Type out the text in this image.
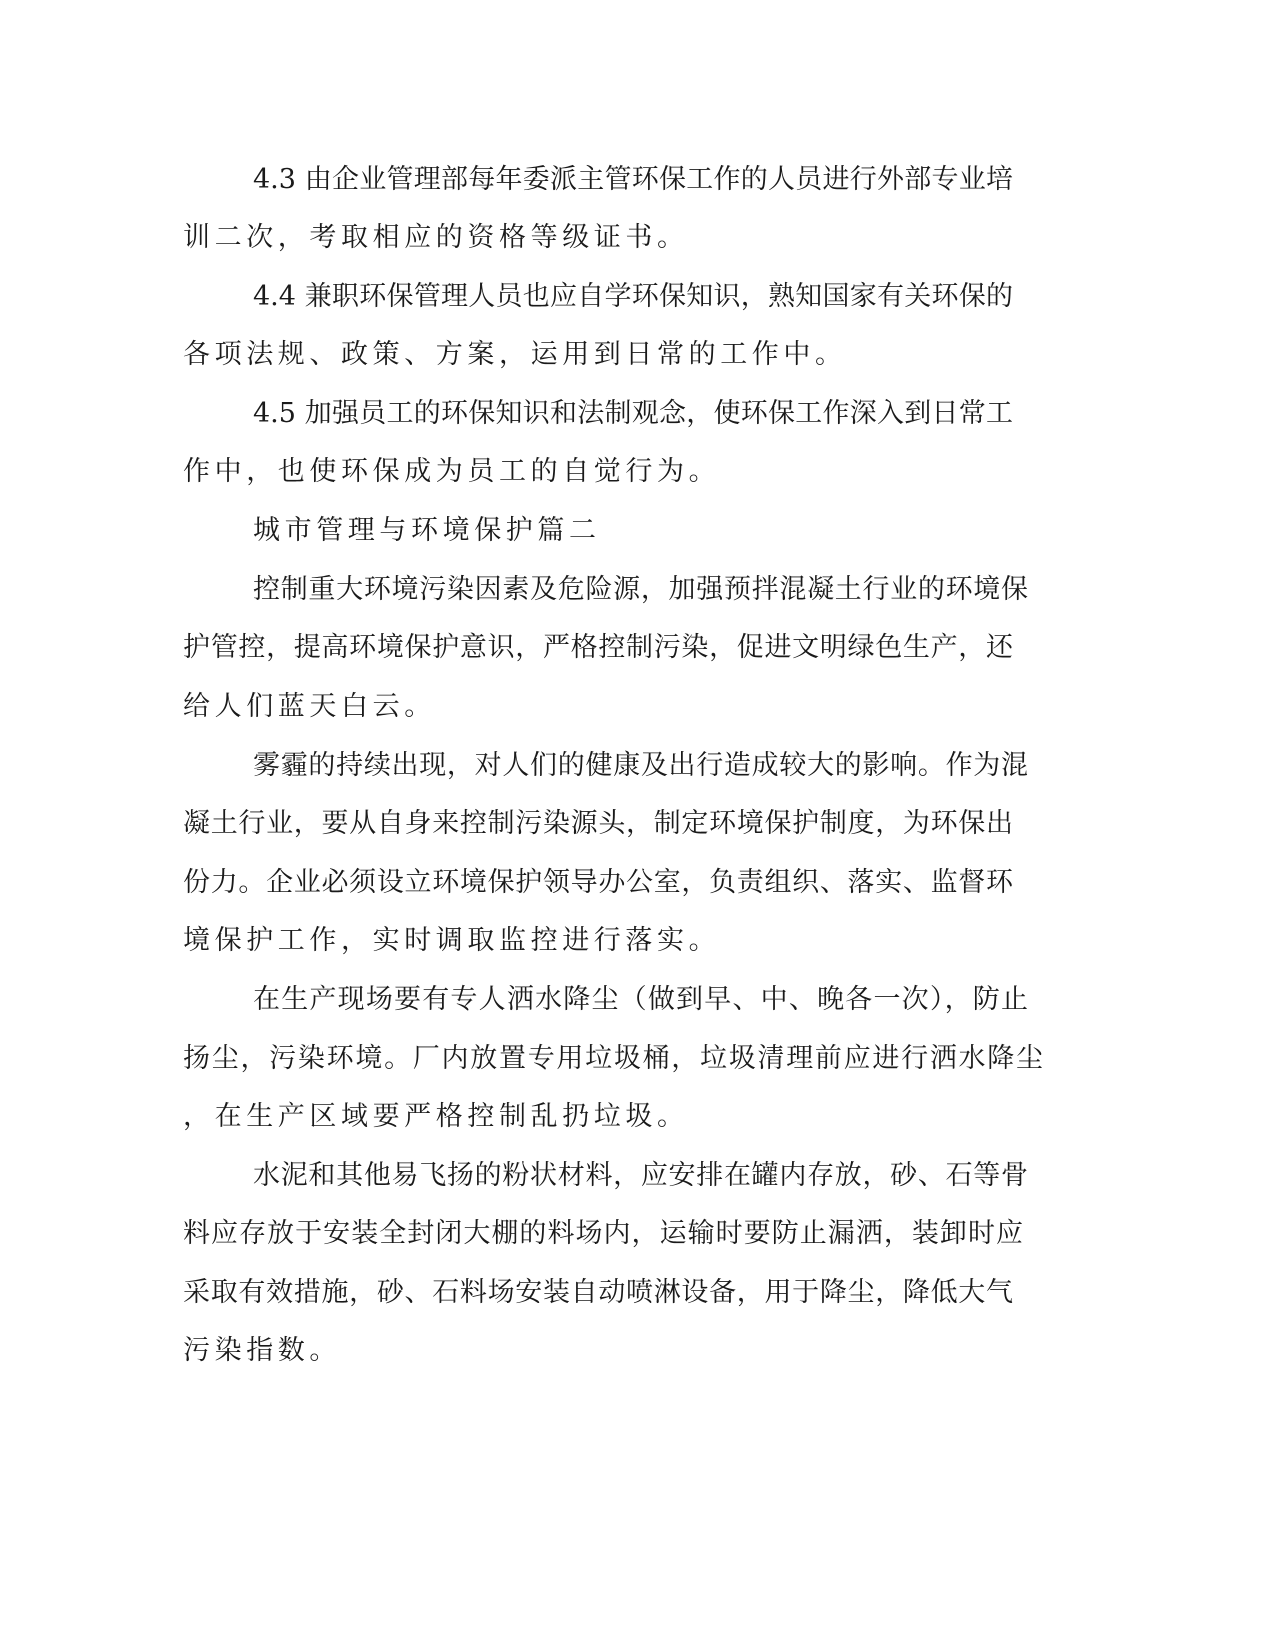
4.3 由企业管理部每年委派主管环保工作的人员进行外部专业培
训二次，考取相应的资格等级证书。
4.4 兼职环保管理人员也应自学环保知识，熟知国家有关环保的
各项法规、政策、方案，运用到日常的工作中。
4.5 加强员工的环保知识和法制观念，使环保工作深入到日常工
作中，也使环保成为员工的自觉行为。
城市管理与环境保护篇二
控制重大环境污染因素及危险源，加强预拌混凝土行业的环境保
护管控，提高环境保护意识，严格控制污染，促进文明绿色生产，还
给人们蓝天白云。
雾霾的持续出现，对人们的健康及出行造成较大的影响。作为混
凝土行业，要从自身来控制污染源头，制定环境保护制度，为环保出
份力。企业必须设立环境保护领导办公室，负责组织、落实、监督环
境保护工作，实时调取监控进行落实。
在生产现场要有专人洒水降尘（做到早、中、晚各一次），防止
扬尘，污染环境。厂内放置专用垃圾桶，垃圾清理前应进行洒水降尘
，在生产区域要严格控制乱扔垃圾。
水泥和其他易飞扬的粉状材料，应安排在罐内存放，砂、石等骨
料应存放于安装全封闭大棚的料场内，运输时要防止漏洒，装卸时应
采取有效措施，砂、石料场安装自动喷淋设备，用于降尘，降低大气
污染指数。
